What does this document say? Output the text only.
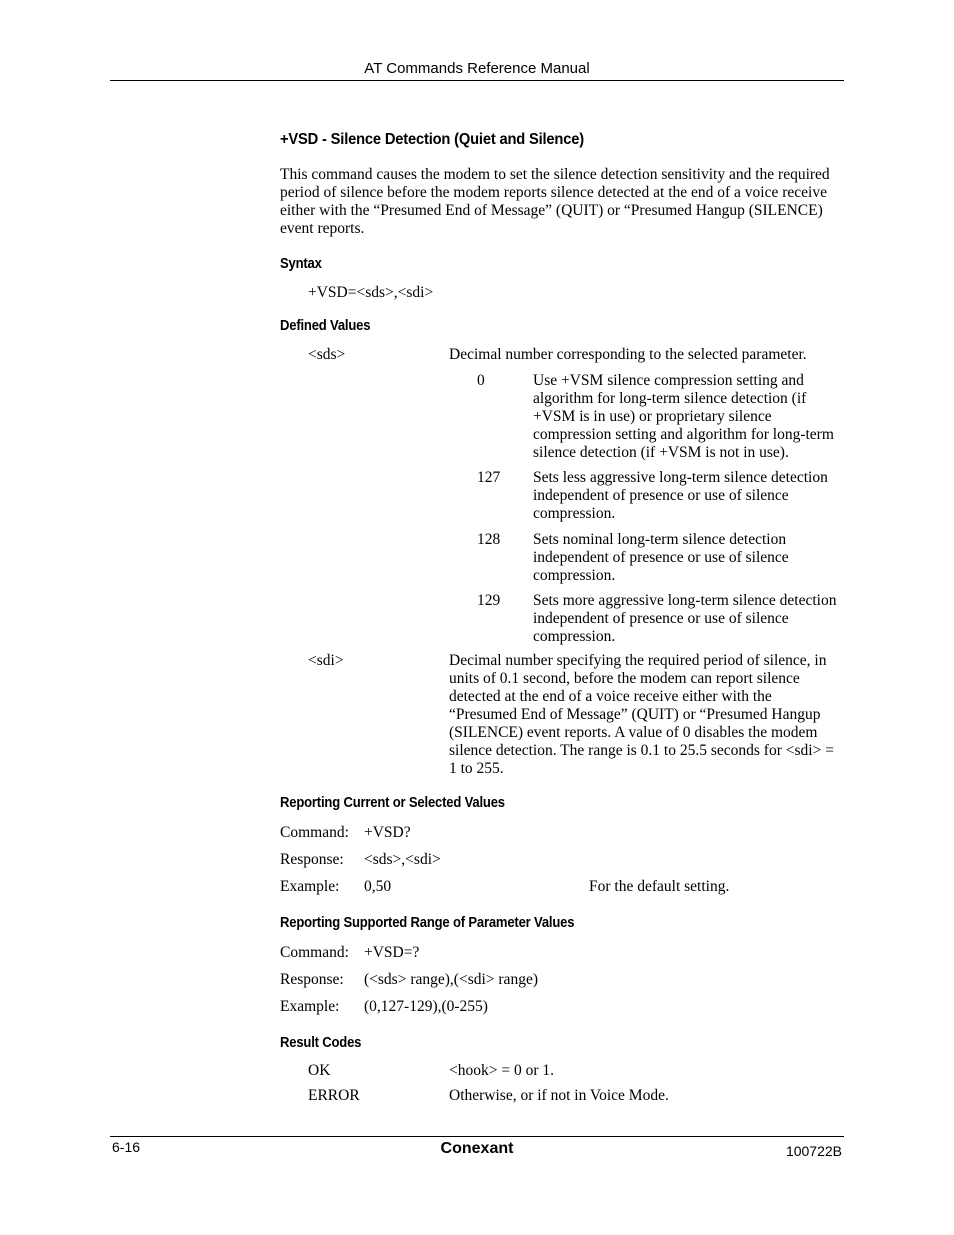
AT Commands Reference Manual
+VSD - Silence Detection (Quiet and Silence)
This command causes the modem to set the silence detection sensitivity and the required
period of silence before the modem reports silence detected at the end of a voice receive
either with the “Presumed End of Message” (QUIT) or “Presumed Hangup (SILENCE)
event reports.
Syntax
+VSD=<sds>,<sdi>
Defined Values
<sds>	Decimal number corresponding to the selected parameter.
0	Use +VSM silence compression setting and
algorithm for long-term silence detection (if
+VSM is in use) or proprietary silence
compression setting and algorithm for long-term
silence detection (if +VSM is not in use).
127 Sets less aggressive long-term silence detection
independent of presence or use of silence
compression.
128 Sets nominal long-term silence detection
independent of presence or use of silence
compression.
129 Sets more aggressive long-term silence detection
independent of presence or use of silence
compression.
<sdi>	Decimal number specifying the required period of silence, in
units of 0.1 second, before the modem can report silence
detected at the end of a voice receive either with the
“Presumed End of Message” (QUIT) or “Presumed Hangup
(SILENCE) event reports. A value of 0 disables the modem
silence detection. The range is 0.1 to 25.5 seconds for <sdi> =
1 to 255.
Reporting Current or Selected Values
Command: +VSD?
Response: <sds>,<sdi>
Example: 0,50	For the default setting.
Reporting Supported Range of Parameter Values
Command: +VSD=?
Response: (<sds> range),(<sdi> range)
Example: (0,127-129),(0-255)
Result Codes
OK	<hook> = 0 or 1.
ERROR	Otherwise, or if not in Voice Mode.
6-16	Conexant	100722B
